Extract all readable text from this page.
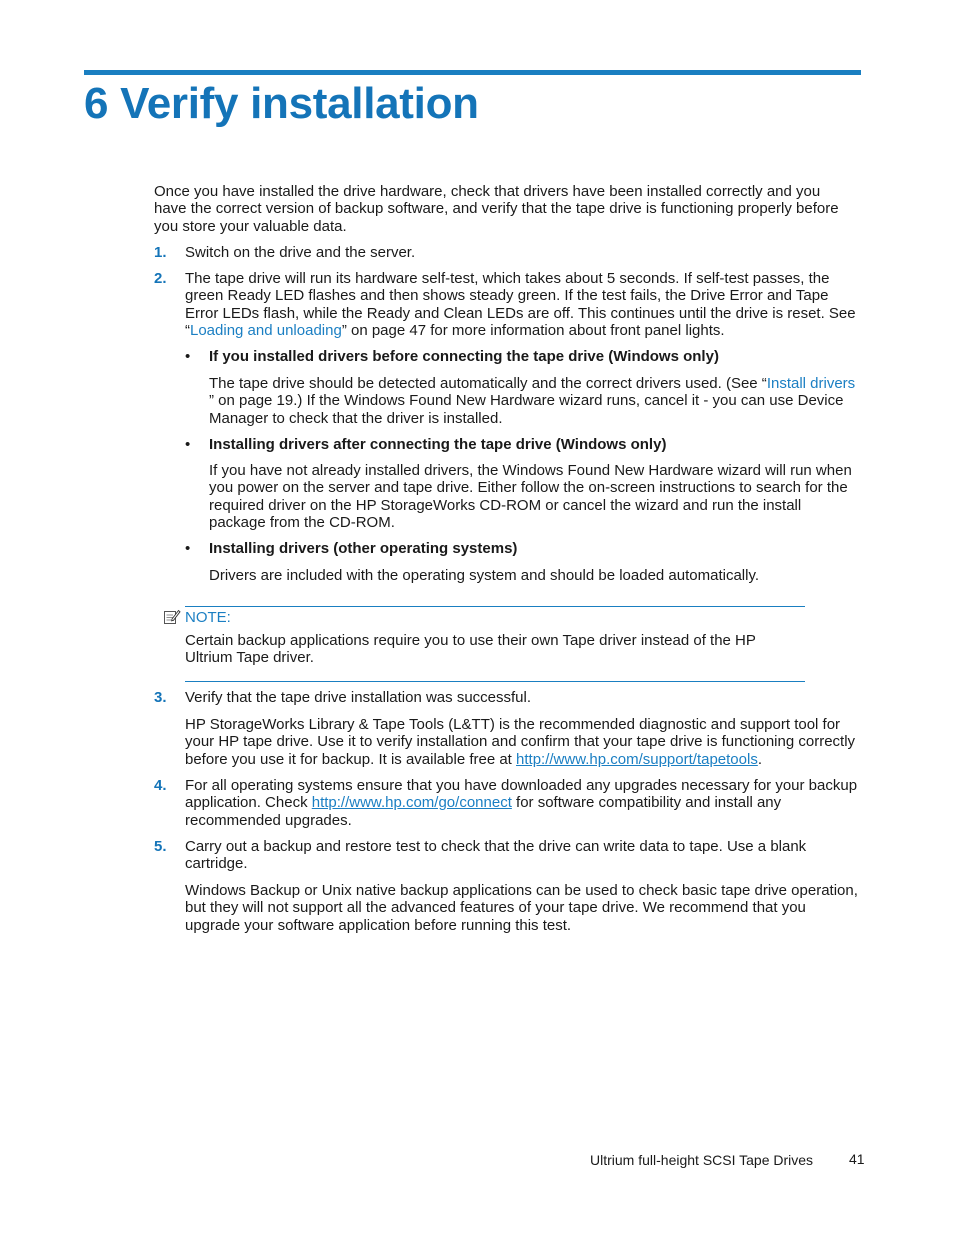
6 Verify installation

Once you have installed the drive hardware, check that drivers have been installed correctly and you have the correct version of backup software, and verify that the tape drive is functioning properly before you store your valuable data.

1.	Switch on the drive and the server.
2.	The tape drive will run its hardware self-test, which takes about 5 seconds. If self-test passes, the green Ready LED flashes and then shows steady green. If the test fails, the Drive Error and Tape Error LEDs flash, while the Ready and Clean LEDs are off. This continues until the drive is reset. See “Loading and unloading” on page 47 for more information about front panel lights.
•	If you installed drivers before connecting the tape drive (Windows only)

The tape drive should be detected automatically and the correct drivers used. (See “Install drivers ” on page 19.) If the Windows Found New Hardware wizard runs, cancel it - you can use Device Manager to check that the driver is installed.

•	Installing drivers after connecting the tape drive (Windows only)

If you have not already installed drivers, the Windows Found New Hardware wizard will run when you power on the server and tape drive. Either follow the on-screen instructions to search for the required driver on the HP StorageWorks CD-ROM or cancel the wizard and run the install package from the CD-ROM.

•	Installing drivers (other operating systems)

Drivers are included with the operating system and should be loaded automatically.

NOTE:

Certain backup applications require you to use their own Tape driver instead of the HP Ultrium Tape driver.

3.	Verify that the tape drive installation was successful.

HP StorageWorks Library & Tape Tools (L&TT) is the recommended diagnostic and support tool for your HP tape drive. Use it to verify installation and confirm that your tape drive is functioning correctly before you use it for backup. It is available free at http://www.hp.com/support/tapetools.

4.	For all operating systems ensure that you have downloaded any upgrades necessary for your backup application. Check http://www.hp.com/go/connect for software compatibility and install any recommended upgrades.
5.	Carry out a backup and restore test to check that the drive can write data to tape. Use a blank cartridge.

Windows Backup or Unix native backup applications can be used to check basic tape drive operation, but they will not support all the advanced features of your tape drive. We recommend that you upgrade your software application before running this test.

Ultrium full-height SCSI Tape Drives	41
